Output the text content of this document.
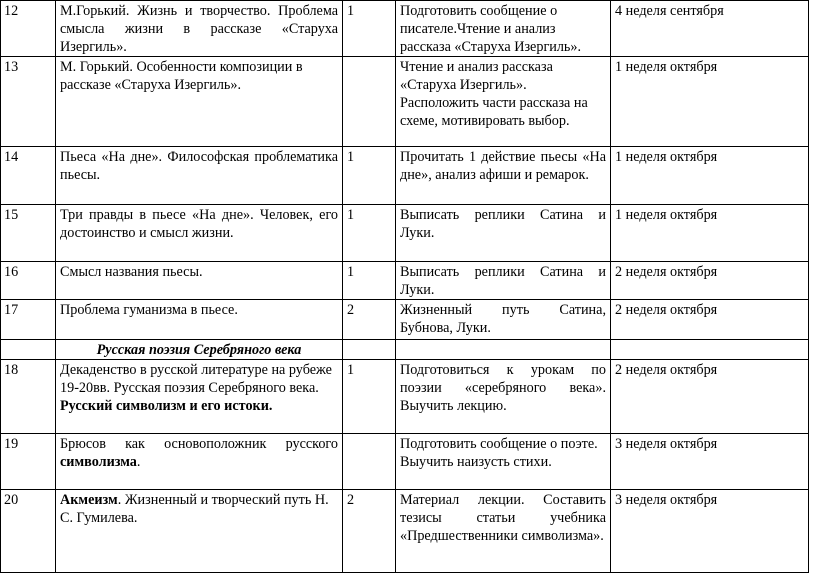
12	М.Горький. Жизнь и творчество. Проблема смысла жизни в рассказе «Старуха Изергиль».	1	Подготовить сообщение о писателе.Чтение и анализ рассказа «Старуха Изергиль».	4 неделя сентября
13	М. Горький. Особенности композиции в рассказе «Старуха Изергиль».		Чтение и анализ рассказа «Старуха Изергиль». Расположить части рассказа на схеме, мотивировать выбор.	1 неделя октября
14	Пьеса «На дне». Философская проблематика пьесы.	1	Прочитать 1 действие пьесы «На дне», анализ афиши и ремарок.	1 неделя октября
15	Три правды в пьесе «На дне». Человек, его достоинство и смысл жизни.	1	Выписать реплики Сатина и Луки.	1 неделя октября
16	Смысл названия пьесы.	1	Выписать реплики Сатина и Луки.	2 неделя октября
17	Проблема гуманизма в пьесе.	2	Жизненный путь Сатина, Бубнова, Луки.	2 неделя октября
	Русская поэзия Серебряного века			
18	Декаденство в русской литературе на рубеже 19-20вв. Русская поэзия Серебряного века. Русский символизм и его истоки.	1	Подготовиться к урокам по поэзии «серебряного века». Выучить лекцию.	2 неделя октября
19	Брюсов как основоположник русского символизма.		Подготовить сообщение о поэте. Выучить наизусть стихи.	3 неделя октября
20	Акмеизм. Жизненный и творческий путь Н. С. Гумилева.	2	Материал лекции. Составить тезисы статьи учебника «Предшественники символизма».	3 неделя октября
